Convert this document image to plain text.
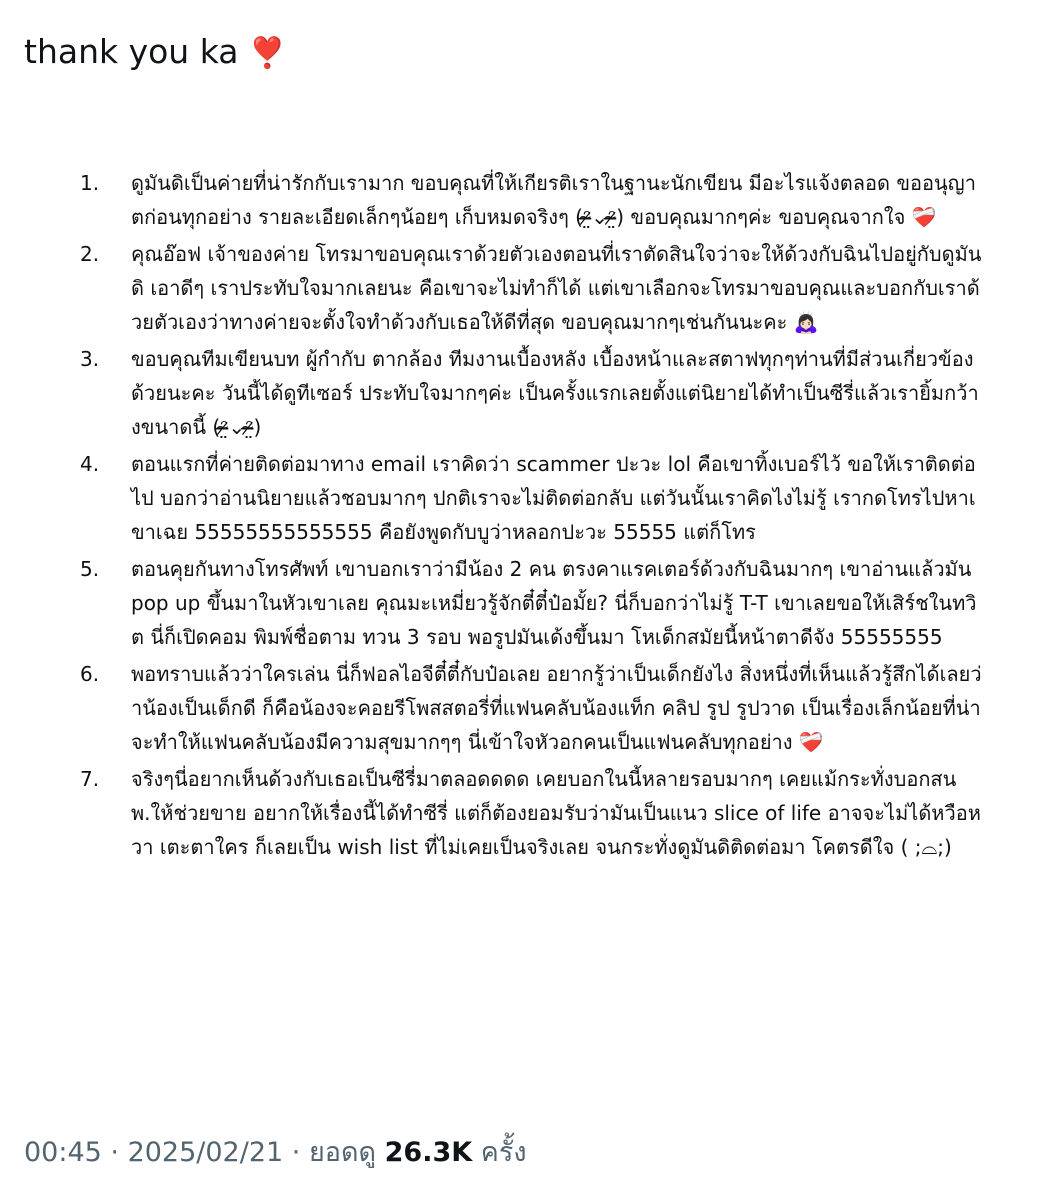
thank you ka ❣️
1.	ดูมันดิเป็นค่ายที่น่ารักกับเรามาก ขอบคุณที่ให้เกียรติเราในฐานะนักเขียน มีอะไรแจ้งตลอด ขออนุญาตก่อนทุกอย่าง รายละเอียดเล็กๆน้อยๆ เก็บหมดจริงๆ (ᵔ̴̶̷̤⌄ᵔ̴̶̷̤) ขอบคุณมากๆค่ะ ขอบคุณจากใจ ❤️‍🩹
2.	คุณอ๊อฟ เจ้าของค่าย โทรมาขอบคุณเราด้วยตัวเองตอนที่เราตัดสินใจว่าจะให้ด้วงกับฉินไปอยู่กับดูมันดิ เอาดีๆ เราประทับใจมากเลยนะ คือเขาจะไม่ทำก็ได้ แต่เขาเลือกจะโทรมาขอบคุณและบอกกับเราด้วยตัวเองว่าทางค่ายจะตั้งใจทำด้วงกับเธอให้ดีที่สุด ขอบคุณมากๆเช่นกันนะคะ 🙇🏻‍♀️
3.	ขอบคุณทีมเขียนบท ผู้กำกับ ตากล้อง ทีมงานเบื้องหลัง เบื้องหน้าและสตาฟทุกๆท่านที่มีส่วนเกี่ยวข้องด้วยนะคะ วันนี้ได้ดูทีเซอร์ ประทับใจมากๆค่ะ เป็นครั้งแรกเลยตั้งแต่นิยายได้ทำเป็นซีรี่แล้วเรายิ้มกว้างขนาดนี้ (ᵔ̴̶̷̤⌄ᵔ̴̶̷̤)
4.	ตอนแรกที่ค่ายติดต่อมาทาง email เราคิดว่า scammer ปะวะ lol คือเขาทิ้งเบอร์ไว้ ขอให้เราติดต่อไป บอกว่าอ่านนิยายแล้วชอบมากๆ ปกติเราจะไม่ติดต่อกลับ แต่วันนั้นเราคิดไงไม่รู้ เรากดโทรไปหาเขาเฉย 55555555555555 คือยังพูดกับบูว่าหลอกปะวะ 55555 แต่ก็โทร
5.	ตอนคุยกันทางโทรศัพท์ เขาบอกเราว่ามีน้อง 2 คน ตรงคาแรคเตอร์ด้วงกับฉินมากๆ เขาอ่านแล้วมัน pop up ขึ้นมาในหัวเขาเลย คุณมะเหมี่ยวรู้จักตี๋ตี๋ป๋อมั้ย? นี่ก็บอกว่าไม่รู้ T-T เขาเลยขอให้เสิร์ชในทวิต นี่ก็เปิดคอม พิมพ์ชื่อตาม ทวน 3 รอบ พอรูปมันเด้งขึ้นมา โหเด็กสมัยนี้หน้าตาดีจัง 55555555
6.	พอทราบแล้วว่าใครเล่น นี่ก็ฟอลไอจีตี๋ตี๋กับป๋อเลย อยากรู้ว่าเป็นเด็กยังไง สิ่งหนึ่งที่เห็นแล้วรู้สึกได้เลยว่าน้องเป็นเด็กดี ก็คือน้องจะคอยรีโพสสตอรี่ที่แฟนคลับน้องแท็ก คลิป รูป รูปวาด เป็นเรื่องเล็กน้อยที่น่าจะทำให้แฟนคลับน้องมีความสุขมากๆๆ นี่เข้าใจหัวอกคนเป็นแฟนคลับทุกอย่าง ❤️‍🩹
7.	จริงๆนี่อยากเห็นด้วงกับเธอเป็นซีรี่มาตลอดดดด เคยบอกในนี้หลายรอบมากๆ เคยแม้กระทั่งบอกสนพ.ให้ช่วยขาย อยากให้เรื่องนี้ได้ทำซีรี่ แต่ก็ต้องยอมรับว่ามันเป็นแนว slice of life อาจจะไม่ได้หวือหวา เตะตาใคร ก็เลยเป็น wish list ที่ไม่เคยเป็นจริงเลย จนกระทั่งดูมันดิติดต่อมา โคตรดีใจ ( ;⌓;)
00:45 · 2025/02/21 · ยอดดู 26.3K ครั้ง
